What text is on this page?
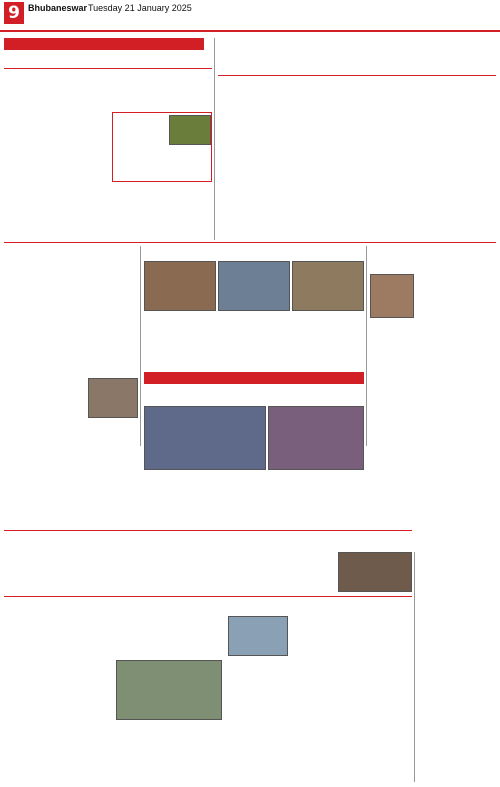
9 Bhubaneswar Tuesday 21 January 2025
